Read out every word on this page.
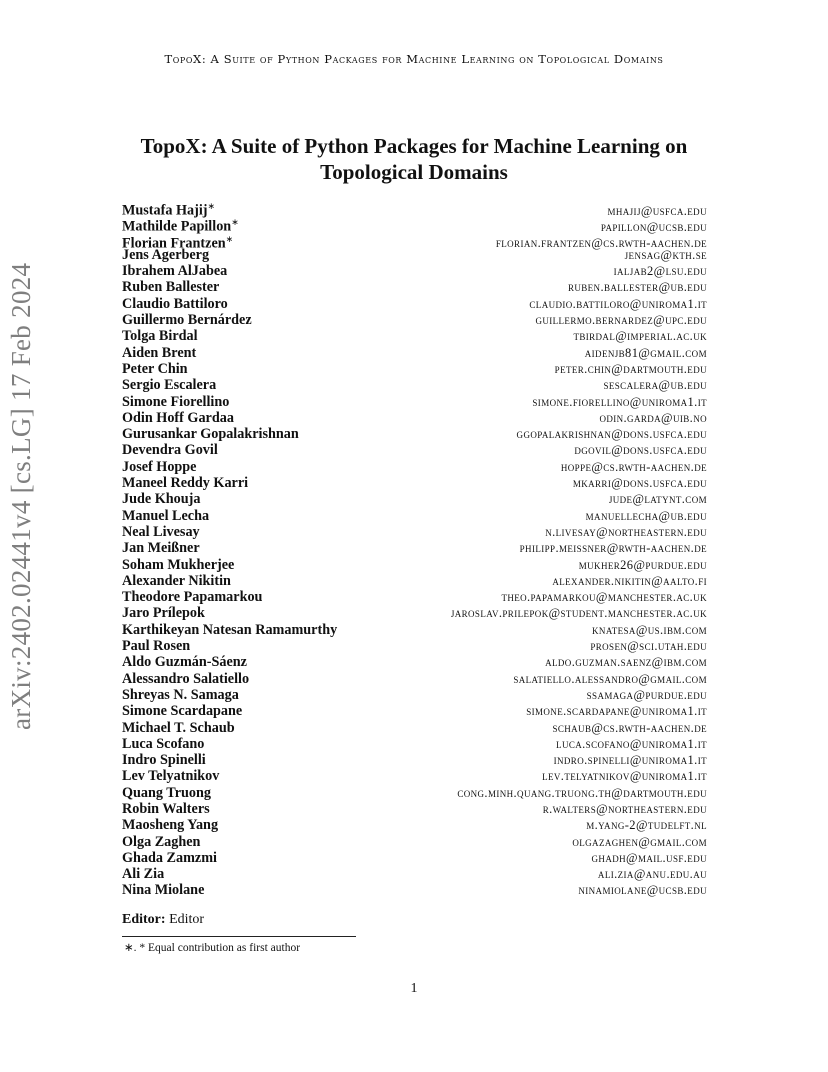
TopoX: A Suite of Python Packages for Machine Learning on Topological Domains
arXiv:2402.02441v4 [cs.LG] 17 Feb 2024
TopoX: A Suite of Python Packages for Machine Learning on
Topological Domains
Mustafa Hajij∗	mhajij@usfca.edu
Mathilde Papillon∗	papillon@ucsb.edu
Florian Frantzen∗	florian.frantzen@cs.rwth-aachen.de
Jens Agerberg	jensag@kth.se
Ibrahem AlJabea	ialjab2@lsu.edu
Ruben Ballester	ruben.ballester@ub.edu
Claudio Battiloro	claudio.battiloro@uniroma1.it
Guillermo Bernárdez	guillermo.bernardez@upc.edu
Tolga Birdal	tbirdal@imperial.ac.uk
Aiden Brent	aidenjb81@gmail.com
Peter Chin	peter.chin@dartmouth.edu
Sergio Escalera	sescalera@ub.edu
Simone Fiorellino	simone.fiorellino@uniroma1.it
Odin Hoff Gardaa	odin.garda@uib.no
Gurusankar Gopalakrishnan	ggopalakrishnan@dons.usfca.edu
Devendra Govil	dgovil@dons.usfca.edu
Josef Hoppe	hoppe@cs.rwth-aachen.de
Maneel Reddy Karri	mkarri@dons.usfca.edu
Jude Khouja	jude@latynt.com
Manuel Lecha	manuellecha@ub.edu
Neal Livesay	n.livesay@northeastern.edu
Jan Meißner	philipp.meissner@rwth-aachen.de
Soham Mukherjee	mukher26@purdue.edu
Alexander Nikitin	alexander.nikitin@aalto.fi
Theodore Papamarkou	theo.papamarkou@manchester.ac.uk
Jaro Prílepok	jaroslav.prilepok@student.manchester.ac.uk
Karthikeyan Natesan Ramamurthy	knatesa@us.ibm.com
Paul Rosen	prosen@sci.utah.edu
Aldo Guzmán-Sáenz	aldo.guzman.saenz@ibm.com
Alessandro Salatiello	salatiello.alessandro@gmail.com
Shreyas N. Samaga	ssamaga@purdue.edu
Simone Scardapane	simone.scardapane@uniroma1.it
Michael T. Schaub	schaub@cs.rwth-aachen.de
Luca Scofano	luca.scofano@uniroma1.it
Indro Spinelli	indro.spinelli@uniroma1.it
Lev Telyatnikov	lev.telyatnikov@uniroma1.it
Quang Truong	cong.minh.quang.truong.th@dartmouth.edu
Robin Walters	r.walters@northeastern.edu
Maosheng Yang	m.yang-2@tudelft.nl
Olga Zaghen	olgazaghen@gmail.com
Ghada Zamzmi	ghadh@mail.usf.edu
Ali Zia	ali.zia@anu.edu.au
Nina Miolane	ninamiolane@ucsb.edu
Editor: Editor
∗. * Equal contribution as first author
1
